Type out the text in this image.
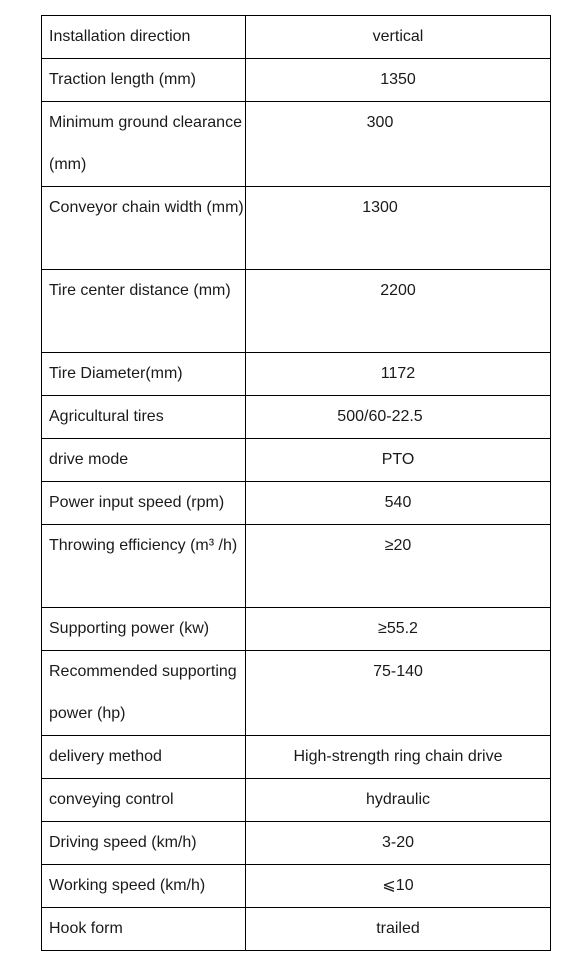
Installation direction	vertical
Traction length (mm)	1350
Minimum ground clearance (mm)	300
Conveyor chain width (mm)	1300
Tire center distance (mm)	2200
Tire Diameter(mm)	1172
Agricultural tires	500/60-22.5
drive mode	PTO
Power input speed (rpm)	540
Throwing efficiency (m³ /h)	≥20
Supporting power (kw)	≥55.2
Recommended supporting power (hp)	75-140
delivery method	High-strength ring chain drive
conveying control	hydraulic
Driving speed (km/h)	3-20
Working speed (km/h)	⩽10
Hook form	trailed
